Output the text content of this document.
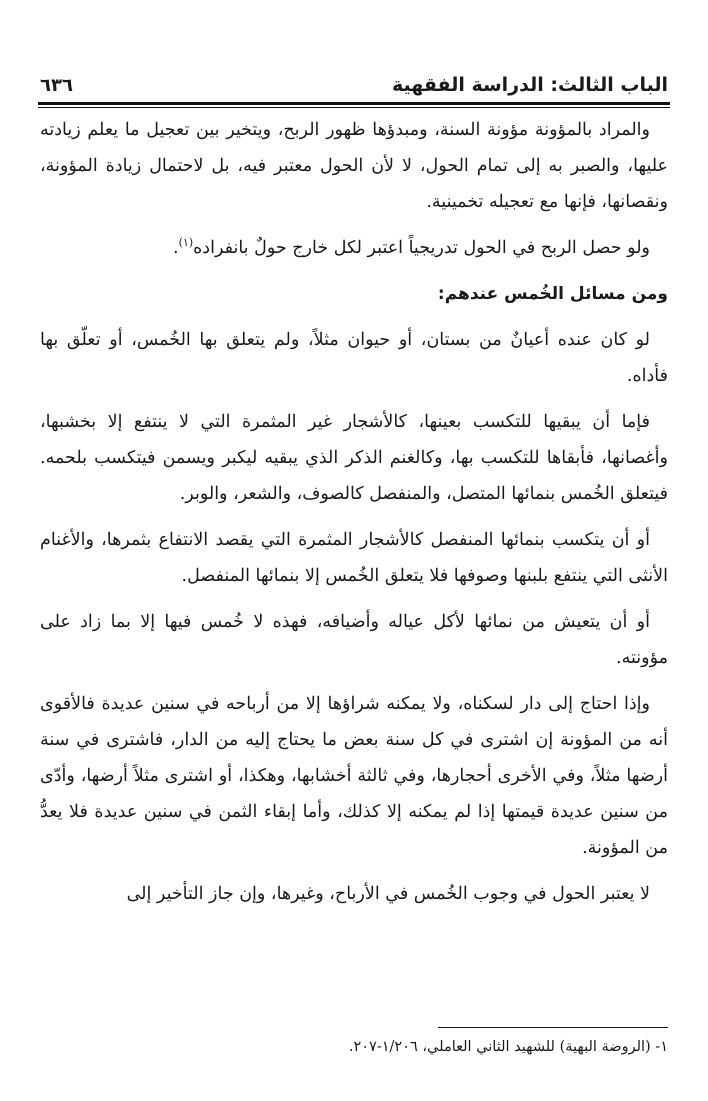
الباب الثالث: الدراسة الفقهية
٦٣٦

والمراد بالمؤونة مؤونة السنة، ومبدؤها ظهور الربح، ويتخير بين تعجيل ما يعلم زيادته عليها، والصبر به إلى تمام الحول، لا لأن الحول معتبر فيه، بل لاحتمال زيادة المؤونة، ونقصانها، فإنها مع تعجيله تخمينية.

ولو حصل الربح في الحول تدريجياً اعتبر لكل خارج حولٌ بانفراده$^{(١)}$.

ومن مسائل الخُمس عندهم:

لو كان عنده أعيانٌ من بستان، أو حيوان مثلاً، ولم يتعلق بها الخُمس، أو تعلّق بها فأداه.

فإما أن يبقيها للتكسب بعينها، كالأشجار غير المثمرة التي لا ينتفع إلا بخشبها، وأغصانها، فأبقاها للتكسب بها، وكالغنم الذكر الذي يبقيه ليكبر ويسمن فيتكسب بلحمه. فيتعلق الخُمس بنمائها المتصل، والمنفصل كالصوف، والشعر، والوبر.

أو أن يتكسب بنمائها المنفصل كالأشجار المثمرة التي يقصد الانتفاع بثمرها، والأغنام الأنثى التي ينتفع بلبنها وصوفها فلا يتعلق الخُمس إلا بنمائها المنفصل.

أو أن يتعيش من نمائها لأكل عياله وأضيافه، فهذه لا خُمس فيها إلا بما زاد على مؤونته.

وإذا احتاج إلى دار لسكناه، ولا يمكنه شراؤها إلا من أرباحه في سنين عديدة فالأقوى أنه من المؤونة إن اشترى في كل سنة بعض ما يحتاج إليه من الدار، فاشترى في سنة أرضها مثلاً، وفي الأخرى أحجارها، وفي ثالثة أخشابها، وهكذا، أو اشترى مثلاً أرضها، وأدّى من سنين عديدة قيمتها إذا لم يمكنه إلا كذلك، وأما إبقاء الثمن في سنين عديدة فلا يعدُّ من المؤونة.

لا يعتبر الحول في وجوب الخُمس في الأرباح، وغيرها، وإن جاز التأخير إلى

١- (الروضة البهية) للشهيد الثاني العاملي، ١/٢٠٦-٢٠٧.
